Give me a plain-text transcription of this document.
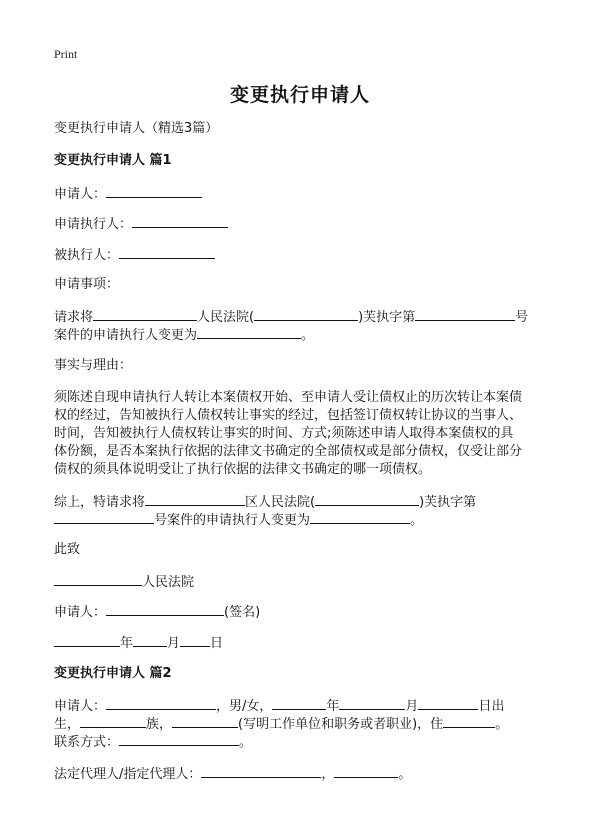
Print
变更执行申请人
变更执行申请人（精选3篇）
变更执行申请人 篇1
申请人：
申请执行人：
被执行人：
申请事项：
请求将	人民法院(	)芙执字第	号
案件的申请执行人变更为	。
事实与理由：
须陈述自现申请执行人转让本案债权开始、至申请人受让债权止的历次转让本案债
权的经过，告知被执行人债权转让事实的经过，包括签订债权转让协议的当事人、
时间，告知被执行人债权转让事实的时间、方式;须陈述申请人取得本案债权的具
体份额，是否本案执行依据的法律文书确定的全部债权或是部分债权，仅受让部分
债权的须具体说明受让了执行依据的法律文书确定的哪一项债权。
综上，特请求将	区人民法院(	)芙执字第
号案件的申请执行人变更为	。
此致
人民法院
申请人：	(签名)
年	月 日
变更执行申请人 篇2
申请人：	，男/女，	年	月	日出
生，	族，	(写明工作单位和职务或者职业)，住	。
联系方式：	。
法定代理人/指定代理人：	，	。
